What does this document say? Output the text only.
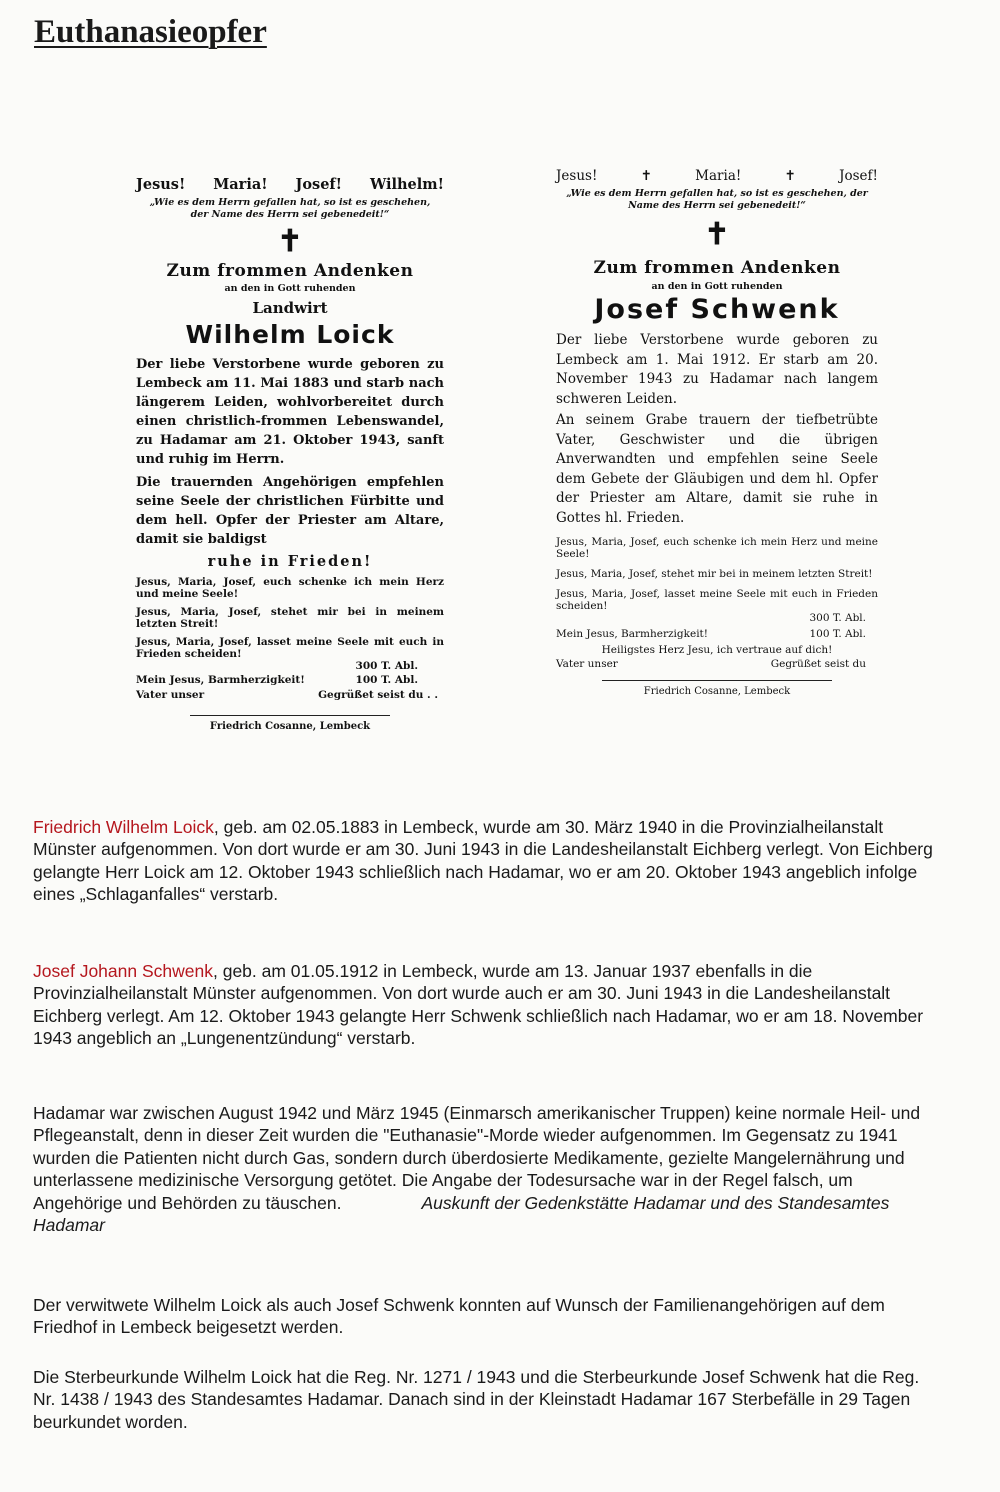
Euthanasieopfer
Jesus! Maria! Josef! Wilhelm!

„Wie es dem Herrn gefallen hat, so ist es geschehen, der Name des Herrn sei gebenedeit!“

✝

Zum frommen Andenken

an den in Gott ruhenden

Landwirt

Wilhelm Loick

Der liebe Verstorbene wurde geboren zu Lembeck am 11. Mai 1883 und starb nach längerem Leiden, wohlvorbereitet durch einen christlich-frommen Lebenswandel, zu Hadamar am 21. Oktober 1943, sanft und ruhig im Herrn.

Die trauernden Angehörigen empfehlen seine Seele der christlichen Fürbitte und dem hell. Opfer der Priester am Altare, damit sie baldigst

ruhe in Frieden!

Jesus, Maria, Josef, euch schenke ich mein Herz und meine Seele!

Jesus, Maria, Josef, stehet mir bei in meinem letzten Streit!

Jesus, Maria, Josef, lasset meine Seele mit euch in Frieden scheiden!

300 T. Abl.
Mein Jesus, Barmherzigkeit!	100 T. Abl.
Vater unser	Gegrüßet seist du . .

Friedrich Cosanne, Lembeck

Jesus!	✝	Maria!	✝	Josef!

„Wie es dem Herrn gefallen hat, so ist es geschehen, der Name des Herrn sei gebenedeit!“

✝

Zum frommen Andenken

an den in Gott ruhenden

Josef Schwenk

Der liebe Verstorbene wurde geboren zu Lembeck am 1. Mai 1912. Er starb am 20. November 1943 zu Hadamar nach langem schweren Leiden.

An seinem Grabe trauern der tiefbetrübte Vater, Geschwister und die übrigen Anverwandten und empfehlen seine Seele dem Gebete der Gläubigen und dem hl. Opfer der Priester am Altare, damit sie ruhe in Gottes hl. Frieden.

Jesus, Maria, Josef, euch schenke ich mein Herz und meine Seele!

Jesus, Maria, Josef, stehet mir bei in meinem letzten Streit!

Jesus, Maria, Josef, lasset meine Seele mit euch in Frieden scheiden!

300 T. Abl.
Mein Jesus, Barmherzigkeit!	100 T. Abl.

Heiligstes Herz Jesu, ich vertraue auf dich!

Vater unser	Gegrüßet seist du

Friedrich Cosanne, Lembeck

Friedrich Wilhelm Loick, geb. am 02.05.1883 in Lembeck, wurde am 30. März 1940 in die Provinzialheilanstalt Münster aufgenommen. Von dort wurde er am 30. Juni 1943 in die Landesheilanstalt Eichberg verlegt. Von Eichberg gelangte Herr Loick am 12. Oktober 1943 schließlich nach Hadamar, wo er am 20. Oktober 1943 angeblich infolge eines „Schlaganfalles“ verstarb.

Josef Johann Schwenk, geb. am 01.05.1912 in Lembeck, wurde am 13. Januar 1937 ebenfalls in die Provinzialheilanstalt Münster aufgenommen. Von dort wurde auch er am 30. Juni 1943 in die Landesheilanstalt Eichberg verlegt. Am 12. Oktober 1943 gelangte Herr Schwenk schließlich nach Hadamar, wo er am 18. November 1943 angeblich an „Lungenentzündung“ verstarb.

Hadamar war zwischen August 1942 und März 1945 (Einmarsch amerikanischer Truppen) keine normale Heil- und Pflegeanstalt, denn in dieser Zeit wurden die "Euthanasie"-Morde wieder aufgenommen. Im Gegensatz zu 1941 wurden die Patienten nicht durch Gas, sondern durch überdosierte Medikamente, gezielte Mangelernährung und unterlassene medizinische Versorgung getötet. Die Angabe der Todesursache war in der Regel falsch, um Angehörige und Behörden zu täuschen.	Auskunft der Gedenkstätte Hadamar und des Standesamtes Hadamar

Der verwitwete Wilhelm Loick als auch Josef Schwenk konnten auf Wunsch der Familienangehörigen auf dem Friedhof in Lembeck beigesetzt werden.

Die Sterbeurkunde Wilhelm Loick hat die Reg. Nr. 1271 / 1943 und die Sterbeurkunde Josef Schwenk hat die Reg. Nr. 1438 / 1943 des Standesamtes Hadamar. Danach sind in der Kleinstadt Hadamar 167 Sterbefälle in 29 Tagen beurkundet worden.
